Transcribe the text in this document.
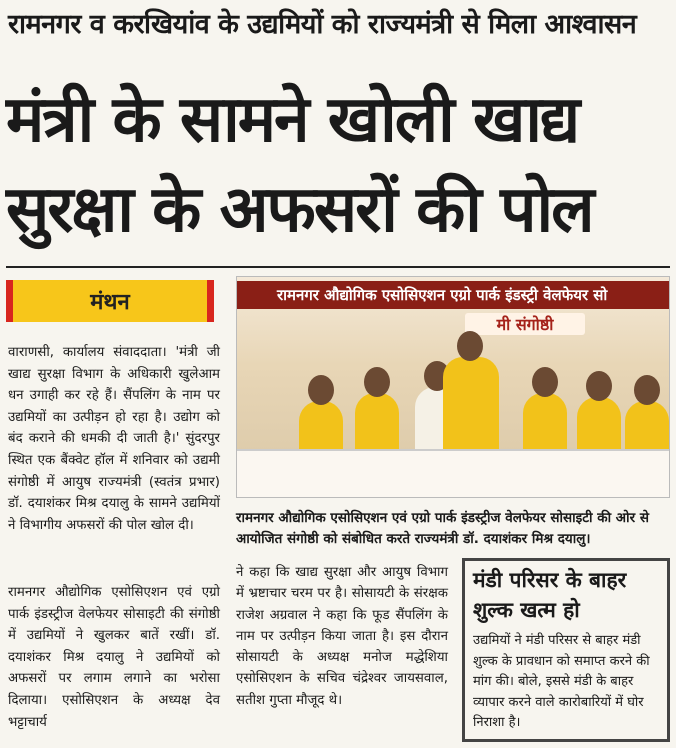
रामनगर व करखियांव के उद्यमियों को राज्यमंत्री से मिला आश्वासन
मंत्री के सामने खोली खाद्य
सुरक्षा के अफसरों की पोल
मंथन
वाराणसी, कार्यालय संवाददाता। 'मंत्री जी खाद्य सुरक्षा विभाग के अधिकारी खुलेआम धन उगाही कर रहे हैं। सैंपलिंग के नाम पर उद्यमियों का उत्पीड़न हो रहा है। उद्योग को बंद कराने की धमकी दी जाती है।' सुंदरपुर स्थित एक बैंक्वेट हॉल में शनिवार को उद्यमी संगोष्ठी में आयुष राज्यमंत्री (स्वतंत्र प्रभार) डॉ. दयाशंकर मिश्र दयालु के सामने उद्यमियों ने विभागीय अफसरों की पोल खोल दी।
रामनगर औद्योगिक एसोसिएशन एवं एग्रो पार्क इंडस्ट्रीज वेलफेयर सोसाइटी की संगोष्ठी में उद्यमियों ने खुलकर बातें रखीं। डॉ. दयाशंकर मिश्र दयालु ने उद्यमियों को अफसरों पर लगाम लगाने का भरोसा दिलाया। एसोसिएशन के अध्यक्ष देव भट्टाचार्य
रामनगर औद्योगिक एसोसिएशन एग्रो पार्क इंडस्ट्री वेलफेयर सो
मी संगोष्ठी
रामनगर औद्योगिक एसोसिएशन एवं एग्रो पार्क इंडस्ट्रीज वेलफेयर सोसाइटी की ओर से आयोजित संगोष्ठी को संबोधित करते राज्यमंत्री डॉ. दयाशंकर मिश्र दयालु।
ने कहा कि खाद्य सुरक्षा और आयुष विभाग में भ्रष्टाचार चरम पर है। सोसायटी के संरक्षक राजेश अग्रवाल ने कहा कि फूड सैंपलिंग के नाम पर उत्पीड़न किया जाता है। इस दौरान सोसायटी के अध्यक्ष मनोज मद्धेशिया एसोसिएशन के सचिव चंद्रेश्वर जायसवाल, सतीश गुप्ता मौजूद थे।
मंडी परिसर के बाहर शुल्क खत्म हो
उद्यमियों ने मंडी परिसर से बाहर मंडी शुल्क के प्रावधान को समाप्त करने की मांग की। बोले, इससे मंडी के बाहर व्यापार करने वाले कारोबारियों में घोर निराशा है।
